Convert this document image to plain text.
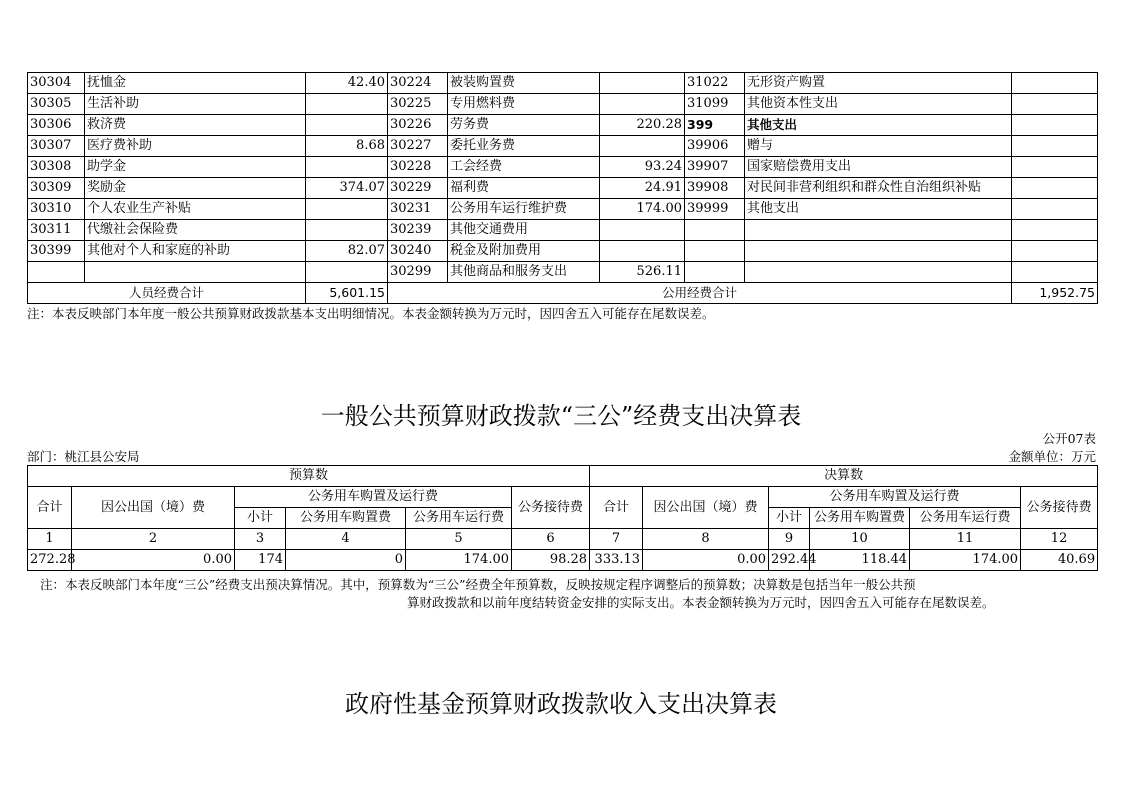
30304	抚恤金	42.40	30224	被装购置费		31022	无形资产购置	
30305	生活补助		30225	专用燃料费		31099	其他资本性支出	
30306	救济费		30226	劳务费	220.28	399	其他支出	
30307	医疗费补助	8.68	30227	委托业务费		39906	赠与	
30308	助学金		30228	工会经费	93.24	39907	国家赔偿费用支出	
30309	奖励金	374.07	30229	福利费	24.91	39908	对民间非营利组织和群众性自治组织补贴	
30310	个人农业生产补贴		30231	公务用车运行维护费	174.00	39999	其他支出	
30311	代缴社会保险费		30239	其他交通费用				
30399	其他对个人和家庭的补助	82.07	30240	税金及附加费用				
			30299	其他商品和服务支出	526.11			
人员经费合计		5,601.15	公用经费合计					1,952.75
注：本表反映部门本年度一般公共预算财政拨款基本支出明细情况。本表金额转换为万元时，因四舍五入可能存在尾数误差。
一般公共预算财政拨款“三公”经费支出决算表
公开07表
部门：桃江县公安局	金额单位：万元
预算数						决算数					
合计	因公出国（境）费	公务用车购置及运行费			公务接待费	合计	因公出国（境）费	公务用车购置及运行费			公务接待费
		小计	公务用车购置费	公务用车运行费				小计	公务用车购置费	公务用车运行费	
1	2	3	4	5	6	7	8	9	10	11	12
272.28	0.00	174	0	174.00	98.28	333.13	0.00	292.44	118.44	174.00	40.69
注：本表反映部门本年度“三公”经费支出预决算情况。其中，预算数为“三公”经费全年预算数，反映按规定程序调整后的预算数；决算数是包括当年一般公共预
算财政拨款和以前年度结转资金安排的实际支出。本表金额转换为万元时，因四舍五入可能存在尾数误差。
政府性基金预算财政拨款收入支出决算表
